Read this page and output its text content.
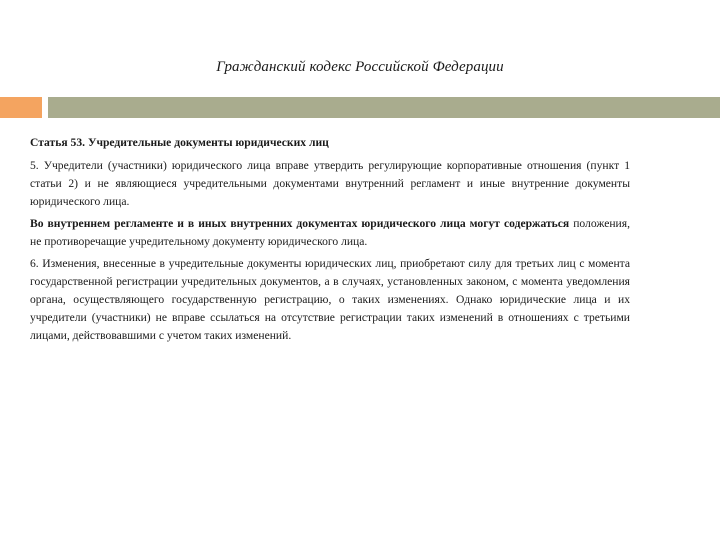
Гражданский кодекс Российской Федерации
Статья 53. Учредительные документы юридических лиц
5. Учредители (участники) юридического лица вправе утвердить регулирующие корпоративные отношения (пункт 1 статьи 2) и не являющиеся учредительными документами внутренний регламент и иные внутренние документы юридического лица.
Во внутреннем регламенте и в иных внутренних документах юридического лица могут содержаться положения, не противоречащие учредительному документу юридического лица.
6. Изменения, внесенные в учредительные документы юридических лиц, приобретают силу для третьих лиц с момента государственной регистрации учредительных документов, а в случаях, установленных законом, с момента уведомления органа, осуществляющего государственную регистрацию, о таких изменениях. Однако юридические лица и их учредители (участники) не вправе ссылаться на отсутствие регистрации таких изменений в отношениях с третьими лицами, действовавшими с учетом таких изменений.
